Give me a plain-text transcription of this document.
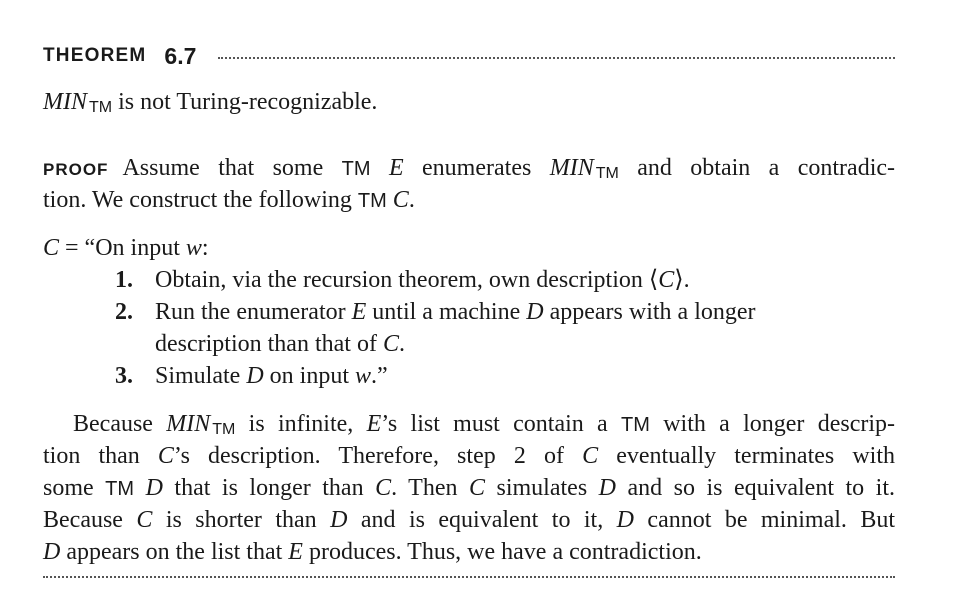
THEOREM 6.7
MIN TM is not Turing-recognizable.
PROOF Assume that some TM E enumerates MIN TM and obtain a contradic-
tion. We construct the following TM C.
C = “On input w:
1. Obtain, via the recursion theorem, own description ⟨C⟩.
2. Run the enumerator E until a machine D appears with a longer
description than that of C.
3. Simulate D on input w.”
Because MIN TM is infinite, E’s list must contain a TM with a longer descrip-
tion than C’s description. Therefore, step 2 of C eventually terminates with
some TM D that is longer than C. Then C simulates D and so is equivalent to it.
Because C is shorter than D and is equivalent to it, D cannot be minimal. But
D appears on the list that E produces. Thus, we have a contradiction.
